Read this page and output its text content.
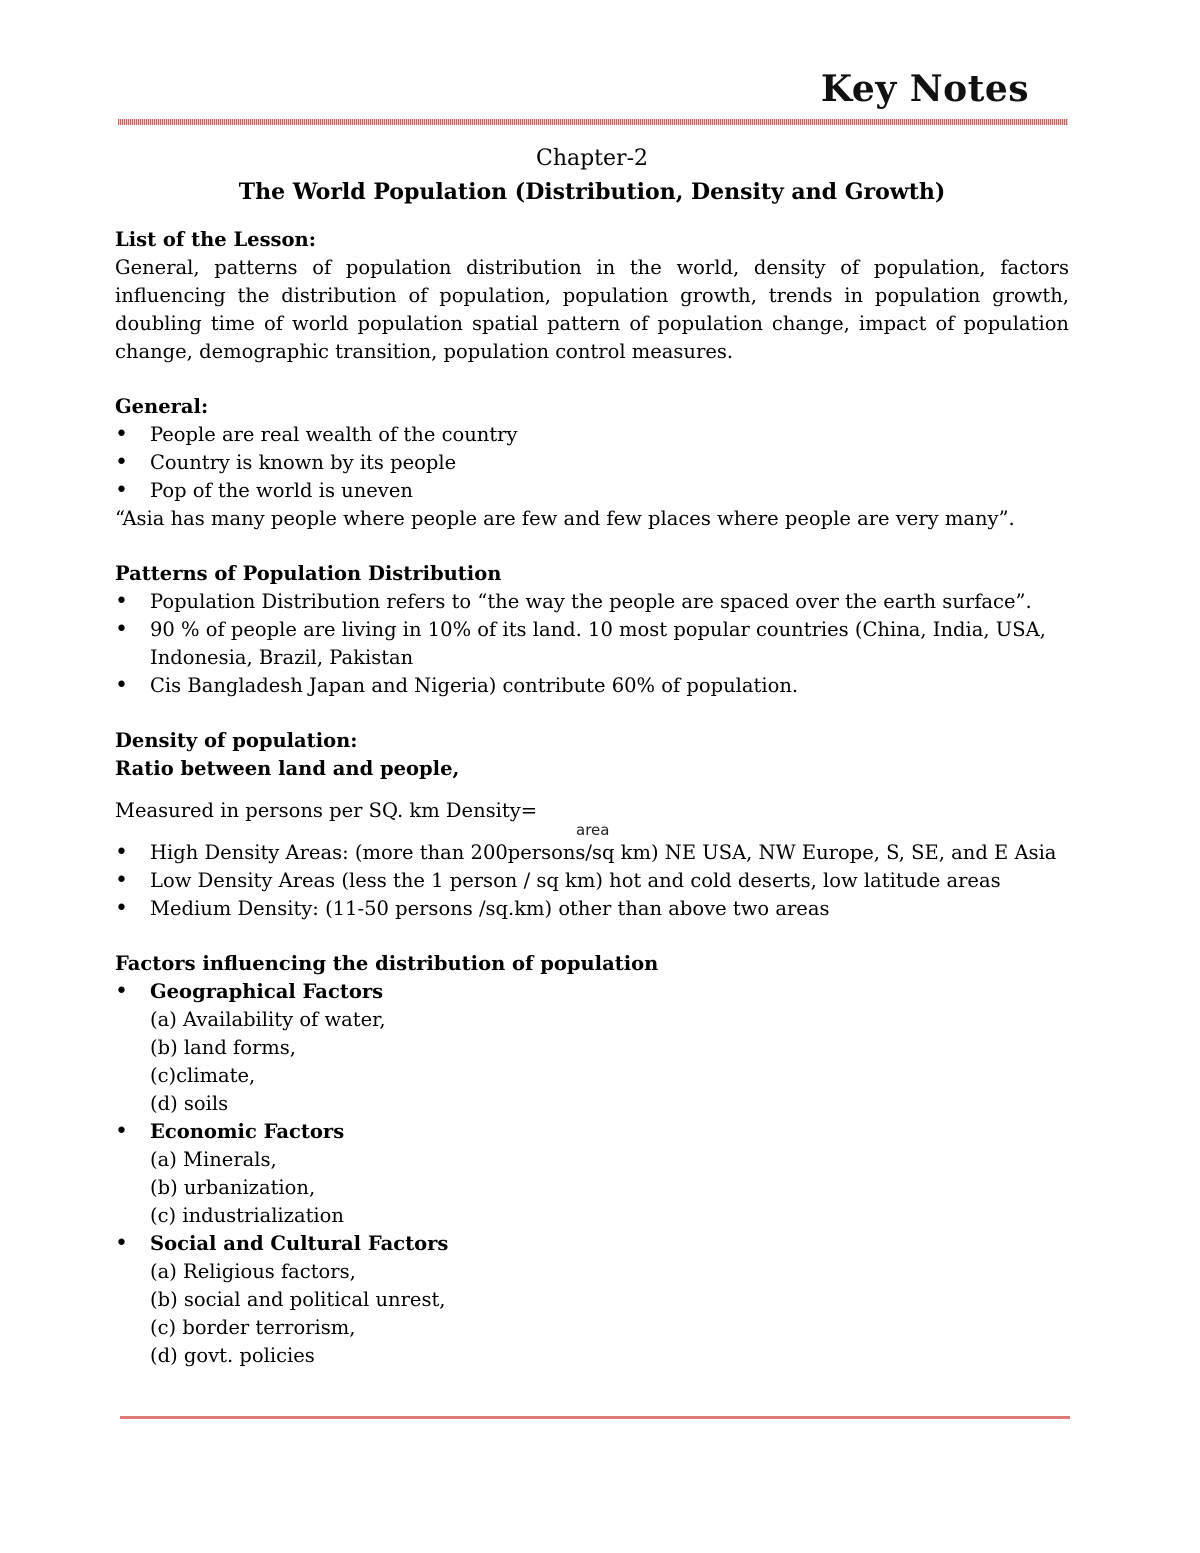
Key Notes
Chapter-2
The World Population (Distribution, Density and Growth)
List of the Lesson:
General, patterns of population distribution in the world, density of population, factors influencing the distribution of population, population growth, trends in population growth, doubling time of world population spatial pattern of population change, impact of population change, demographic transition, population control measures.
General:
• People are real wealth of the country
• Country is known by its people
• Pop of the world is uneven
“Asia has many people where people are few and few places where people are very many”.
Patterns of Population Distribution
• Population Distribution refers to “the way the people are spaced over the earth surface”.
• 90 % of people are living in 10% of its land. 10 most popular countries (China, India, USA, Indonesia, Brazil, Pakistan
• Cis Bangladesh Japan and Nigeria) contribute 60% of population.
Density of population:
Ratio between land and people,
Measured in persons per SQ. km Density=
area
• High Density Areas: (more than 200persons/sq km) NE USA, NW Europe, S, SE, and E Asia
• Low Density Areas (less the 1 person / sq km) hot and cold deserts, low latitude areas
• Medium Density: (11-50 persons /sq.km) other than above two areas
Factors influencing the distribution of population
• Geographical Factors
(a) Availability of water,
(b) land forms,
(c)climate,
(d) soils
• Economic Factors
(a) Minerals,
(b) urbanization,
(c) industrialization
• Social and Cultural Factors
(a) Religious factors,
(b) social and political unrest,
(c) border terrorism,
(d) govt. policies
